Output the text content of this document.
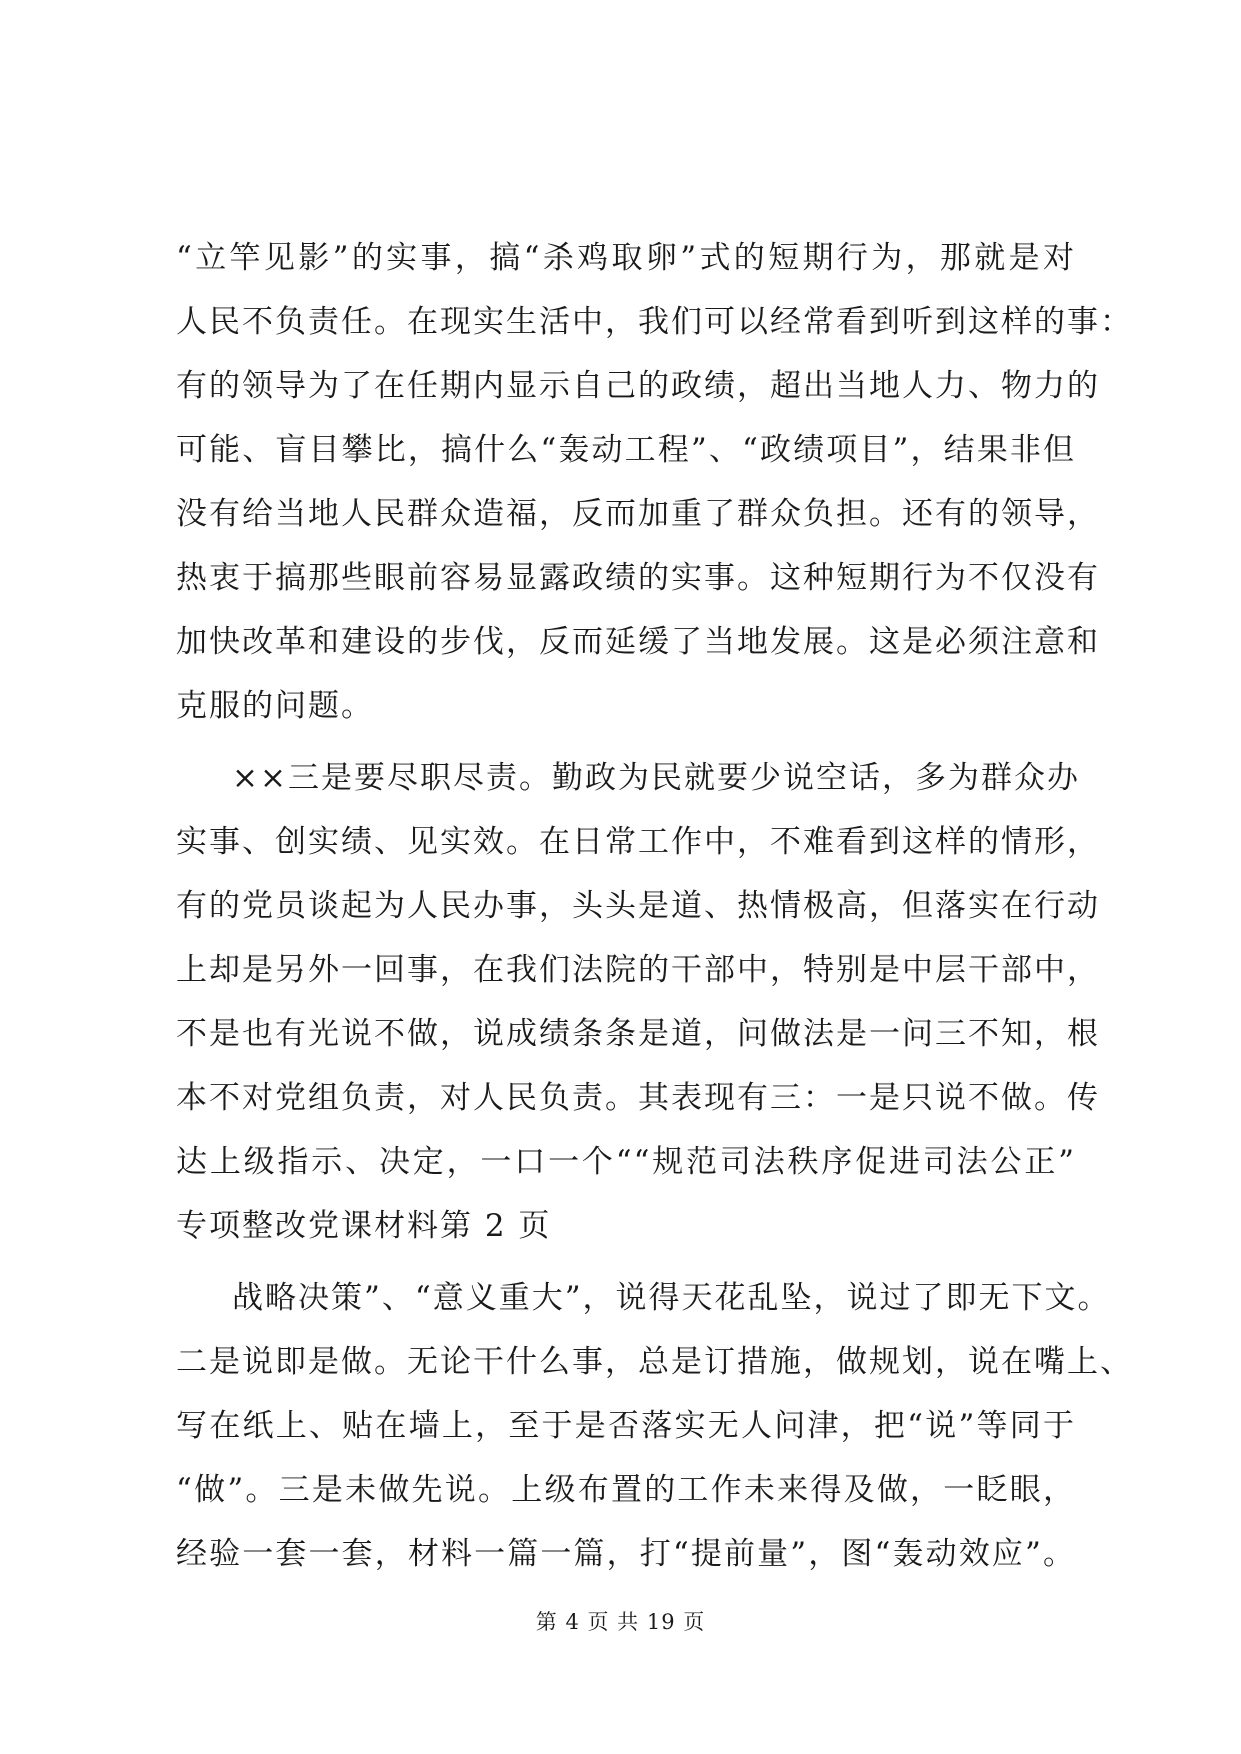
“立竿见影”的实事，搞“杀鸡取卵”式的短期行为，那就是对
人民不负责任。在现实生活中，我们可以经常看到听到这样的事：
有的领导为了在任期内显示自己的政绩，超出当地人力、物力的
可能、盲目攀比，搞什么“轰动工程”、“政绩项目”，结果非但
没有给当地人民群众造福，反而加重了群众负担。还有的领导，
热衷于搞那些眼前容易显露政绩的实事。这种短期行为不仅没有
加快改革和建设的步伐，反而延缓了当地发展。这是必须注意和
克服的问题。
××三是要尽职尽责。勤政为民就要少说空话，多为群众办
实事、创实绩、见实效。在日常工作中，不难看到这样的情形，
有的党员谈起为人民办事，头头是道、热情极高，但落实在行动
上却是另外一回事，在我们法院的干部中，特别是中层干部中，
不是也有光说不做，说成绩条条是道，问做法是一问三不知，根
本不对党组负责，对人民负责。其表现有三：一是只说不做。传
达上级指示、决定，一口一个““规范司法秩序促进司法公正”
专项整改党课材料第 2 页
战略决策”、“意义重大”，说得天花乱坠，说过了即无下文。
二是说即是做。无论干什么事，总是订措施，做规划，说在嘴上、
写在纸上、贴在墙上，至于是否落实无人问津，把“说”等同于
“做”。三是未做先说。上级布置的工作未来得及做，一眨眼，
经验一套一套，材料一篇一篇，打“提前量”，图“轰动效应”。
第 4 页 共 19 页
